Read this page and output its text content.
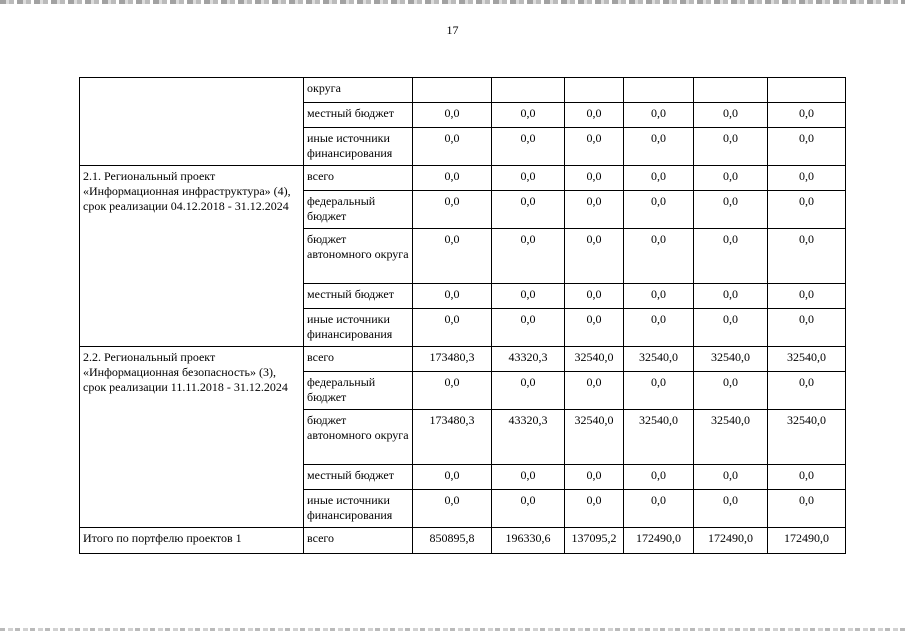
17
	округа						
	местный бюджет	0,0	0,0	0,0	0,0	0,0	0,0
	иные источники финансирования	0,0	0,0	0,0	0,0	0,0	0,0
2.1. Региональный проект «Информационная инфраструктура» (4), срок реализации 04.12.2018 - 31.12.2024	всего	0,0	0,0	0,0	0,0	0,0	0,0
	федеральный бюджет	0,0	0,0	0,0	0,0	0,0	0,0
	бюджет автономного округа	0,0	0,0	0,0	0,0	0,0	0,0
	местный бюджет	0,0	0,0	0,0	0,0	0,0	0,0
	иные источники финансирования	0,0	0,0	0,0	0,0	0,0	0,0
2.2. Региональный проект «Информационная безопасность» (3), срок реализации 11.11.2018 - 31.12.2024	всего	173480,3	43320,3	32540,0	32540,0	32540,0	32540,0
	федеральный бюджет	0,0	0,0	0,0	0,0	0,0	0,0
	бюджет автономного округа	173480,3	43320,3	32540,0	32540,0	32540,0	32540,0
	местный бюджет	0,0	0,0	0,0	0,0	0,0	0,0
	иные источники финансирования	0,0	0,0	0,0	0,0	0,0	0,0
Итого по портфелю проектов 1	всего	850895,8	196330,6	137095,2	172490,0	172490,0	172490,0
